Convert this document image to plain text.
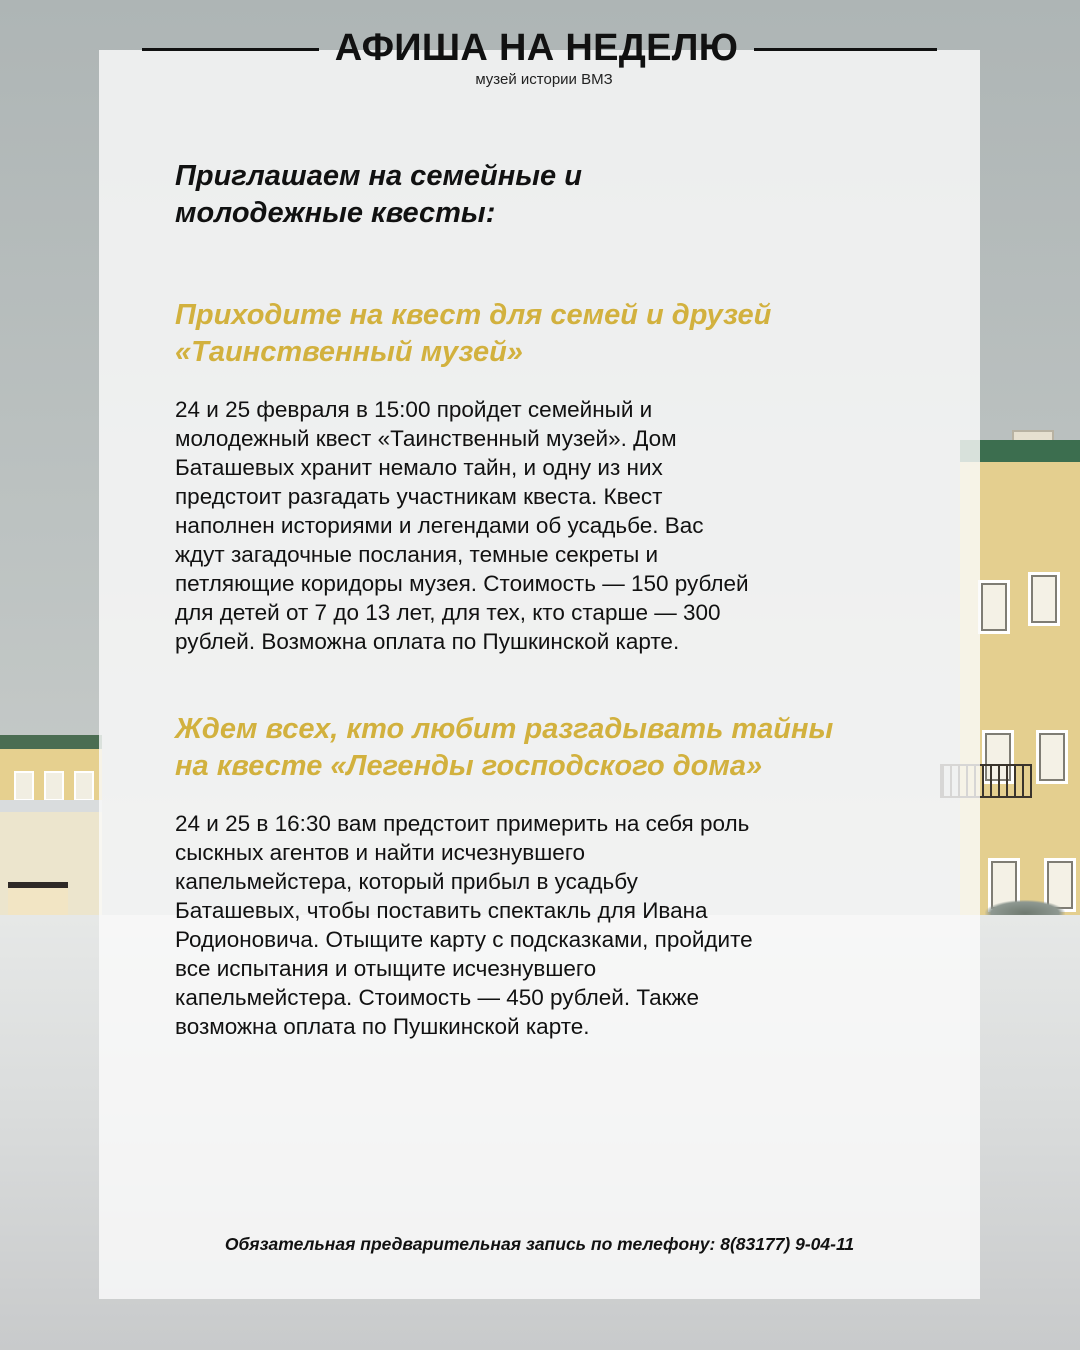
АФИША НА НЕДЕЛЮ
музей истории ВМЗ
Приглашаем на семейные и
молодежные квесты:
Приходите на квест для семей и друзей
«Таинственный музей»

24 и 25 февраля в 15:00 пройдет семейный и
молодежный квест «Таинственный музей». Дом
Баташевых хранит немало тайн, и одну из них
предстоит разгадать участникам квеста. Квест
наполнен историями и легендами об усадьбе. Вас
ждут загадочные послания, темные секреты и
петляющие коридоры музея. Стоимость — 150 рублей
для детей от 7 до 13 лет, для тех, кто старше — 300
рублей. Возможна оплата по Пушкинской карте.

Ждем всех, кто любит разгадывать тайны
на квесте «Легенды господского дома»

24 и 25 в 16:30 вам предстоит примерить на себя роль
сыскных агентов и найти исчезнувшего
капельмейстера, который прибыл в усадьбу
Баташевых, чтобы поставить спектакль для Ивана
Родионовича. Отыщите карту с подсказками, пройдите
все испытания и отыщите исчезнувшего
капельмейстера. Стоимость — 450 рублей. Также
возможна оплата по Пушкинской карте.

Обязательная предварительная запись по телефону: 8(83177) 9-04-11
